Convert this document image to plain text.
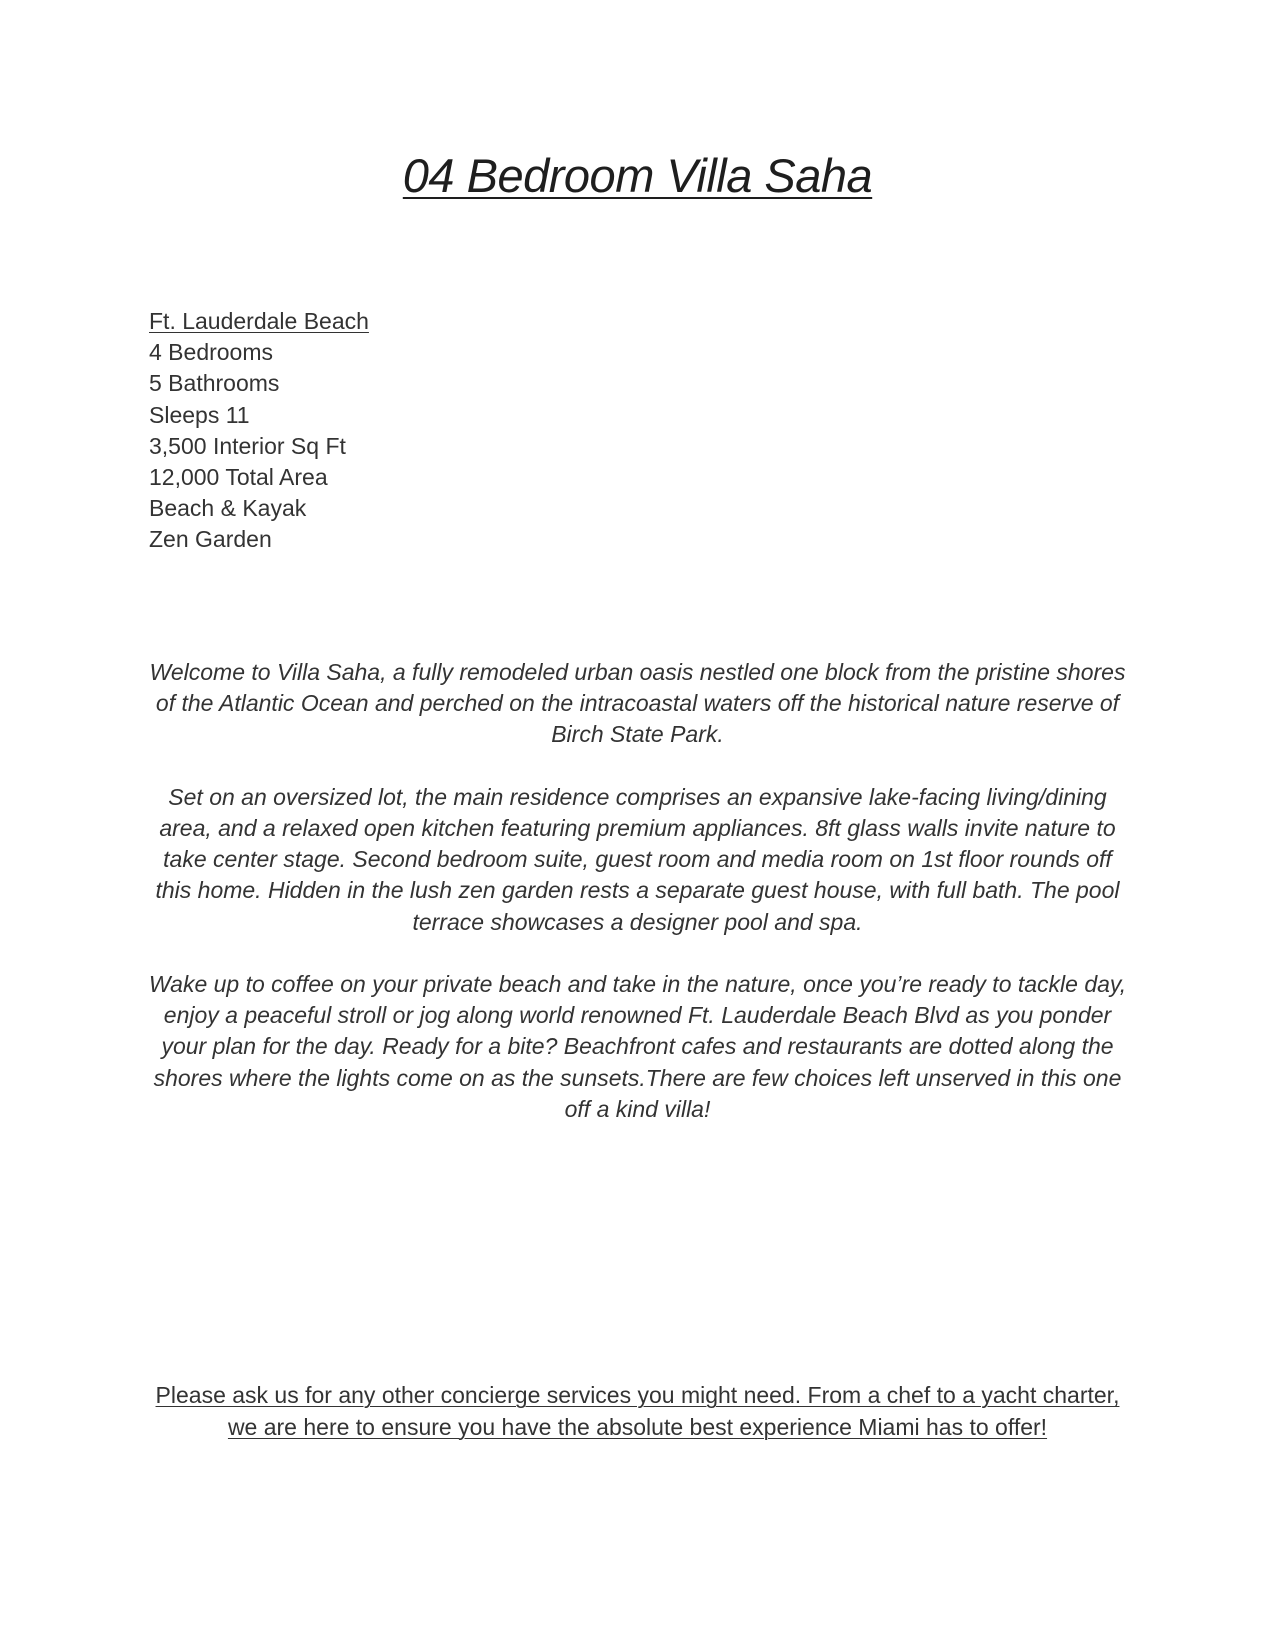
04 Bedroom Villa Saha
Ft. Lauderdale Beach
4 Bedrooms
5 Bathrooms
Sleeps 11
3,500 Interior Sq Ft
12,000 Total Area
Beach & Kayak
Zen Garden

Welcome to Villa Saha, a fully remodeled urban oasis nestled one block from the pristine shores of the Atlantic Ocean and perched on the intracoastal waters off the historical nature reserve of Birch State Park.

Set on an oversized lot, the main residence comprises an expansive lake-facing living/dining area, and a relaxed open kitchen featuring premium appliances. 8ft glass walls invite nature to take center stage. Second bedroom suite, guest room and media room on 1st floor rounds off this home. Hidden in the lush zen garden rests a separate guest house, with full bath. The pool terrace showcases a designer pool and spa.

Wake up to coffee on your private beach and take in the nature, once you’re ready to tackle day, enjoy a peaceful stroll or jog along world renowned Ft. Lauderdale Beach Blvd as you ponder your plan for the day. Ready for a bite? Beachfront cafes and restaurants are dotted along the shores where the lights come on as the sunsets.There are few choices left unserved in this one off a kind villa!

Please ask us for any other concierge services you might need. From a chef to a yacht charter, we are here to ensure you have the absolute best experience Miami has to offer!
